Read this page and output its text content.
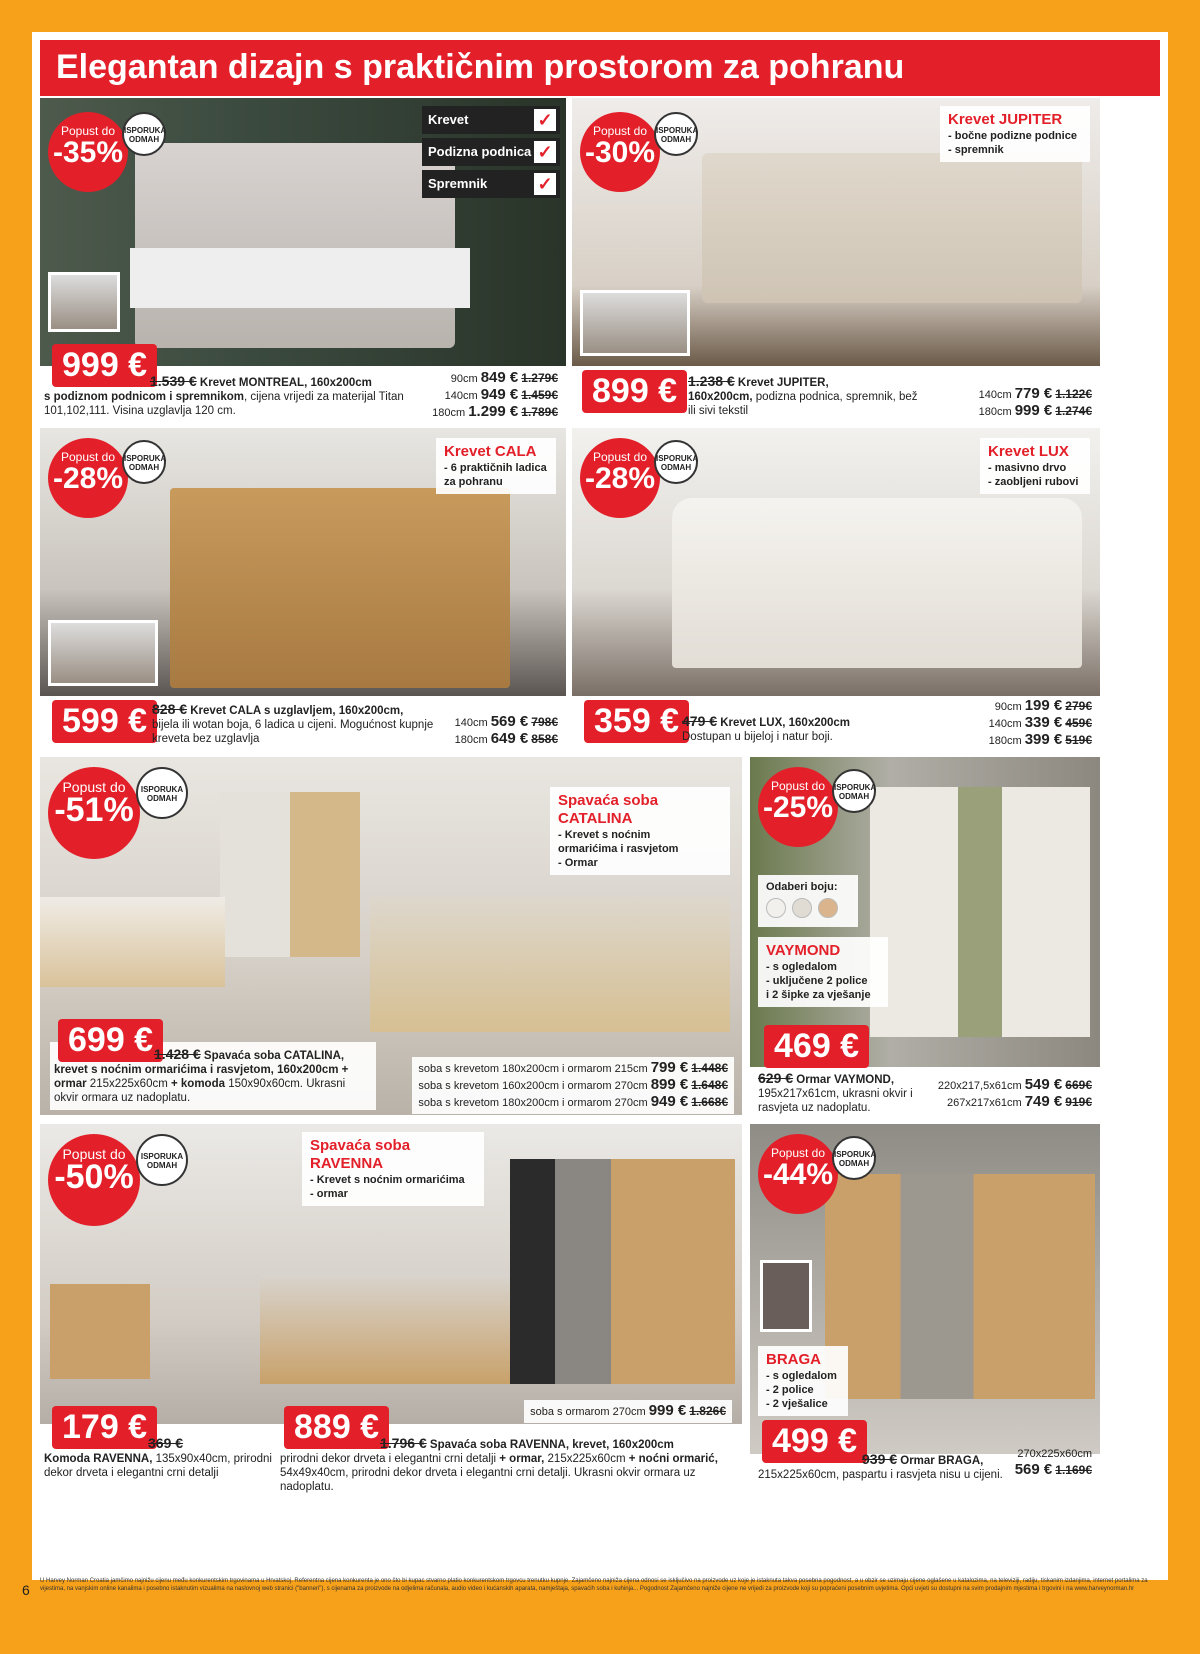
Elegantan dizajn s praktičnim prostorom za pohranu
Popust do
-35%
ISPORUKA ODMAH
Krevet	✓
Podizna podnica ✓
Spremnik	✓
999 € 1.539 € Krevet MONTREAL, 160x200cm
s podiznom podnicom i spremnikom, cijena vrijedi za materijal Titan 101,102,111. Visina uzglavlja 120 cm.
90cm 849 € 1.279€
140cm 949 € 1.459€
180cm 1.299 € 1.789€
Popust do
-30%
ISPORUKA ODMAH
Krevet JUPITER
- bočne podizne podnice
- spremnik
899 € 1.238 € Krevet JUPITER,
160x200cm, podizna podnica, spremnik, bež ili sivi tekstil
140cm 779 € 1.122€
180cm 999 € 1.274€
Popust do
-28%
ISPORUKA ODMAH
Krevet CALA
- 6 praktičnih ladica
za pohranu
599 € 828 € Krevet CALA s uzglavljem, 160x200cm,
bijela ili wotan boja, 6 ladica u cijeni. Mogućnost kupnje kreveta bez uzglavlja
140cm 569 € 798€
180cm 649 € 858€
Popust do
-28%
ISPORUKA ODMAH
Krevet LUX
- masivno drvo
- zaobljeni rubovi
359 € 479 € Krevet LUX, 160x200cm
Dostupan u bijeloj i natur boji.
90cm 199 € 279€
140cm 339 € 459€
180cm 399 € 519€
Popust do
-51%
ISPORUKA ODMAH	Spavaća soba CATALINA
- Krevet s noćnim
ormarićima i rasvjetom
- Ormar
699 € 1.428 € Spavaća soba CATALINA,
krevet s noćnim ormarićima i rasvjetom, 160x200cm + ormar 215x225x60cm + komoda 150x90x60cm. Ukrasni okvir ormara uz nadoplatu.
soba s krevetom 180x200cm i ormarom 215cm 799 € 1.448€
soba s krevetom 160x200cm i ormarom 270cm 899 € 1.648€
soba s krevetom 180x200cm i ormarom 270cm 949 € 1.668€
Popust do
-25%
ISPORUKA ODMAH
Odaberi boju:
VAYMOND
- s ogledalom
- uključene 2 police
i 2 šipke za vješanje
469 €
629 € Ormar VAYMOND,
195x217x61cm, ukrasni okvir i rasvjeta uz nadoplatu.
220x217,5x61cm 549 € 669€
267x217x61cm 749 € 919€
Popust do
-50%
ISPORUKA ODMAH
Spavaća soba RAVENNA
- Krevet s noćnim ormarićima
- ormar
179 € 369 €
Komoda RAVENNA, 135x90x40cm, prirodni dekor drveta i elegantni crni detalji
889 € 1.796 € Spavaća soba RAVENNA, krevet, 160x200cm
prirodni dekor drveta i elegantni crni detalji + ormar, 215x225x60cm + noćni ormarić, 54x49x40cm, prirodni dekor drveta i elegantni crni detalji. Ukrasni okvir ormara uz nadoplatu.
soba s ormarom 270cm 999 € 1.826€
Popust do
-44%
ISPORUKA ODMAH
BRAGA
- s ogledalom
- 2 police
- 2 vješalice
499 € 939 € Ormar BRAGA,
215x225x60cm, paspartu i rasvjeta nisu u cijeni.
270x225x60cm
569 € 1.169€
6
U Harvey Norman Croatia jamčimo najnižu cijenu među konkurentskim trgovinama u Hrvatskoj. Referentna cijena konkurenta je ono što bi kupac stvarno platio konkurentskom trgovcu trenutku kupnje. Zajamčeno najniža cijena odnosi se isključivo na proizvode uz koje je istaknuta takva posebna pogodnost, a u obzir se uzimaju cijene oglašene u katalozima, na televiziji, radiju, tiskanim izdanjima, internet portalima za vijestima, na vanjskim online kanalima i posebno istaknutim vizualima na naslovnoj web stranici ("banneri"), s cijenama za proizvode na odjelima računala, audio video i kućanskih aparata, namještaja, spavaćih soba i kuhinja... Pogodnost Zajamčeno najniže cijene ne vrijedi za proizvode koji su popraćeni posebnim uvjetima. Opći uvjeti su dostupni na svim prodajnim mjestima i trgovini i na www.harveynorman.hr
